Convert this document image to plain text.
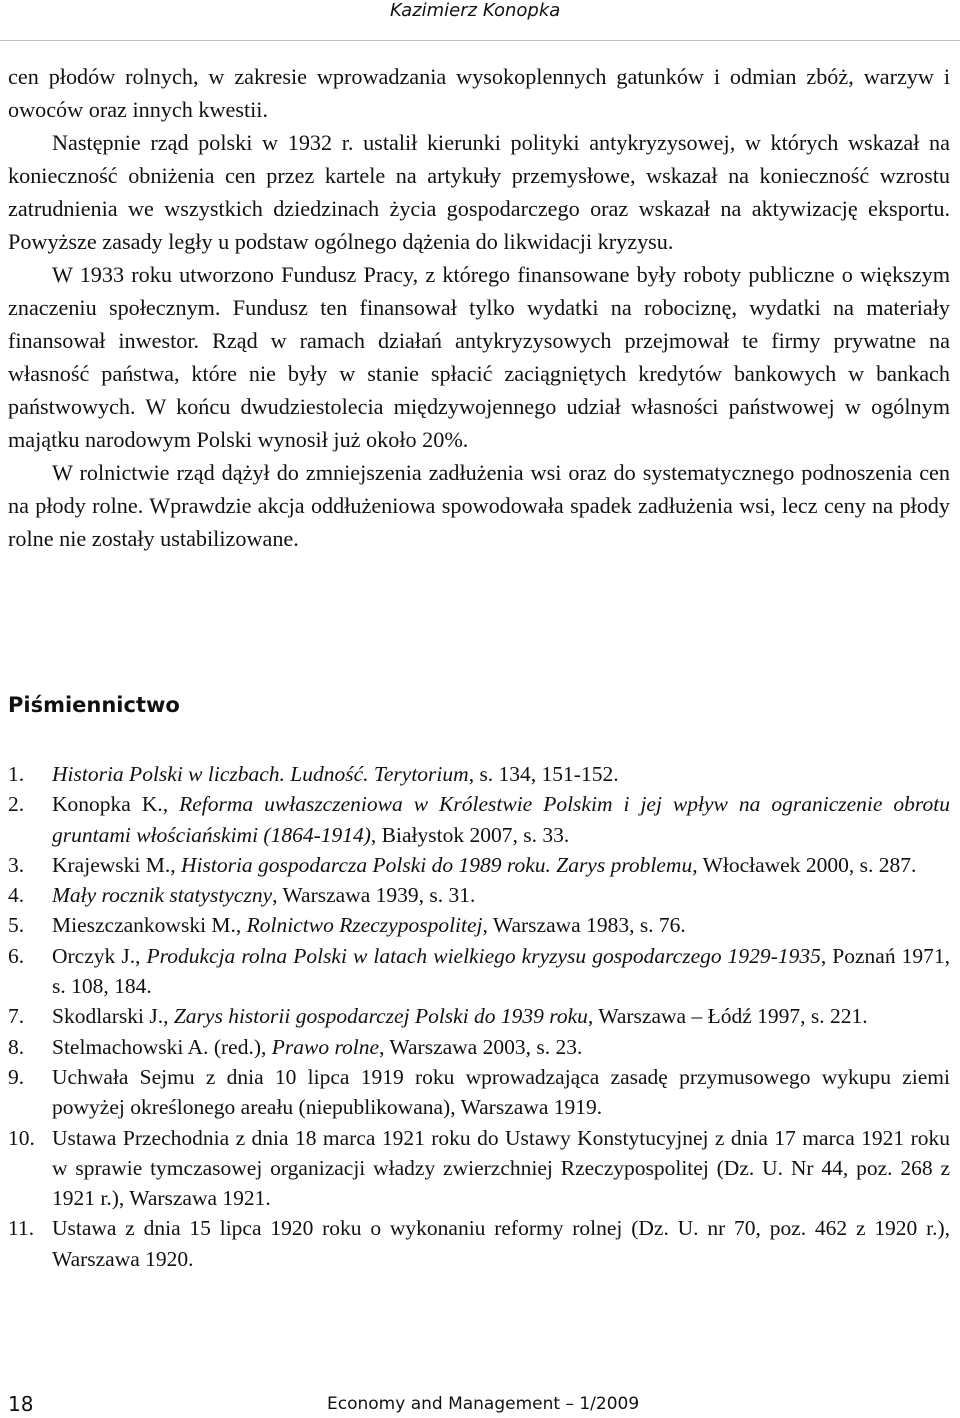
Kazimierz Konopka

cen płodów rolnych, w zakresie wprowadzania wysokoplennych gatunków i odmian zbóż, warzyw i owoców oraz innych kwestii.

Następnie rząd polski w 1932 r. ustalił kierunki polityki antykryzysowej, w których wskazał na konieczność obniżenia cen przez kartele na artykuły przemysłowe, wskazał na konieczność wzrostu zatrudnienia we wszystkich dziedzinach życia gospodarczego oraz wskazał na aktywizację eksportu. Powyższe zasady legły u podstaw ogólnego dążenia do likwidacji kryzysu.

W 1933 roku utworzono Fundusz Pracy, z którego finansowane były roboty publiczne o większym znaczeniu społecznym. Fundusz ten finansował tylko wydatki na robociznę, wydatki na materiały finansował inwestor. Rząd w ramach działań antykryzysowych przejmował te firmy prywatne na własność państwa, które nie były w stanie spłacić zaciągniętych kredytów bankowych w bankach państwowych. W końcu dwudziestolecia międzywojennego udział własności państwowej w ogólnym majątku narodowym Polski wynosił już około 20%.

W rolnictwie rząd dążył do zmniejszenia zadłużenia wsi oraz do systematycznego podnoszenia cen na płody rolne. Wprawdzie akcja oddłużeniowa spowodowała spadek zadłużenia wsi, lecz ceny na płody rolne nie zostały ustabilizowane.

Piśmiennictwo
1. Historia Polski w liczbach. Ludność. Terytorium, s. 134, 151-152.
2. Konopka K., Reforma uwłaszczeniowa w Królestwie Polskim i jej wpływ na ograniczenie obrotu gruntami włościańskimi (1864-1914), Białystok 2007, s. 33.
3. Krajewski M., Historia gospodarcza Polski do 1989 roku. Zarys problemu, Włocławek 2000, s. 287.
4. Mały rocznik statystyczny, Warszawa 1939, s. 31.
5. Mieszczankowski M., Rolnictwo Rzeczypospolitej, Warszawa 1983, s. 76.
6. Orczyk J., Produkcja rolna Polski w latach wielkiego kryzysu gospodarczego 1929-1935, Poznań 1971, s. 108, 184.
7. Skodlarski J., Zarys historii gospodarczej Polski do 1939 roku, Warszawa – Łódź 1997, s. 221.
8. Stelmachowski A. (red.), Prawo rolne, Warszawa 2003, s. 23.
9. Uchwała Sejmu z dnia 10 lipca 1919 roku wprowadzająca zasadę przymusowego wykupu ziemi powyżej określonego areału (niepublikowana), Warszawa 1919.
10. Ustawa Przechodnia z dnia 18 marca 1921 roku do Ustawy Konstytucyjnej z dnia 17 marca 1921 roku w sprawie tymczasowej organizacji władzy zwierzchniej Rzeczypospolitej (Dz. U. Nr 44, poz. 268 z 1921 r.), Warszawa 1921.
11. Ustawa z dnia 15 lipca 1920 roku o wykonaniu reformy rolnej (Dz. U. nr 70, poz. 462 z 1920 r.), Warszawa 1920.
18	Economy and Management – 1/2009
